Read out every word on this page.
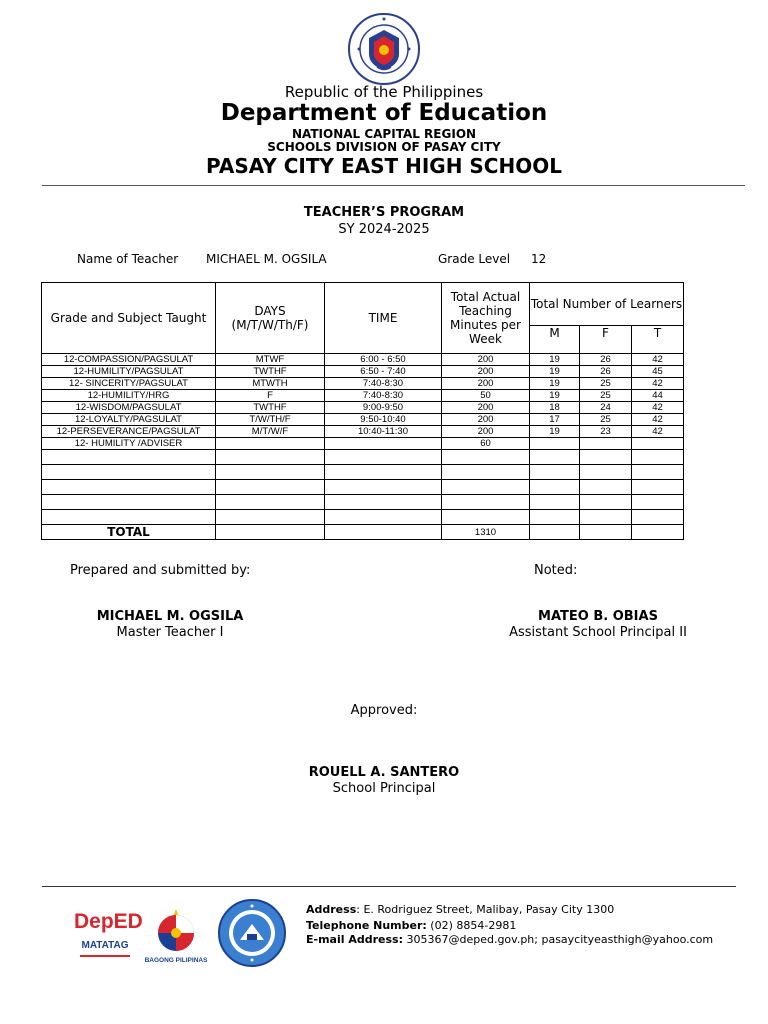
Republic of the Philippines
Department of Education
NATIONAL CAPITAL REGION
SCHOOLS DIVISION OF PASAY CITY
PASAY CITY EAST HIGH SCHOOL
TEACHER’S PROGRAM
SY 2024-2025
Name of Teacher MICHAEL M. OGSILA	Grade Level 12
Grade and Subject Taught	DAYS (M/T/W/Th/F)	TIME	Total Actual Teaching Minutes per Week	Total Number of Learners		
				M	F	T
12-COMPASSION/PAGSULAT	MTWF	6:00 - 6:50	200	19	26	42
12-HUMILITY/PAGSULAT	TWTHF	6:50 - 7:40	200	19	26	45
12- SINCERITY/PAGSULAT	MTWTH	7:40-8:30	200	19	25	42
12-HUMILITY/HRG	F	7:40-8:30	50	19	25	44
12-WISDOM/PAGSULAT	TWTHF	9:00-9:50	200	18	24	42
12-LOYALTY/PAGSULAT	T/W/TH/F	9:50-10:40	200	17	25	42
12-PERSEVERANCE/PAGSULAT	M/T/W/F	10:40-11:30	200	19	23	42
12- HUMILITY /ADVISER			60			

TOTAL			1310			
Prepared and submitted by:	Noted:
MICHAEL M. OGSILA
Master Teacher I
MATEO B. OBIAS
Assistant School Principal II
Approved:
ROUELL A. SANTERO
School Principal
DepED
MATATAG
BAGONG PILIPINAS
Address: E. Rodriguez Street, Malibay, Pasay City 1300
Telephone Number: (02) 8854-2981
E-mail Address: 305367@deped.gov.ph; pasaycityeasthigh@yahoo.com
